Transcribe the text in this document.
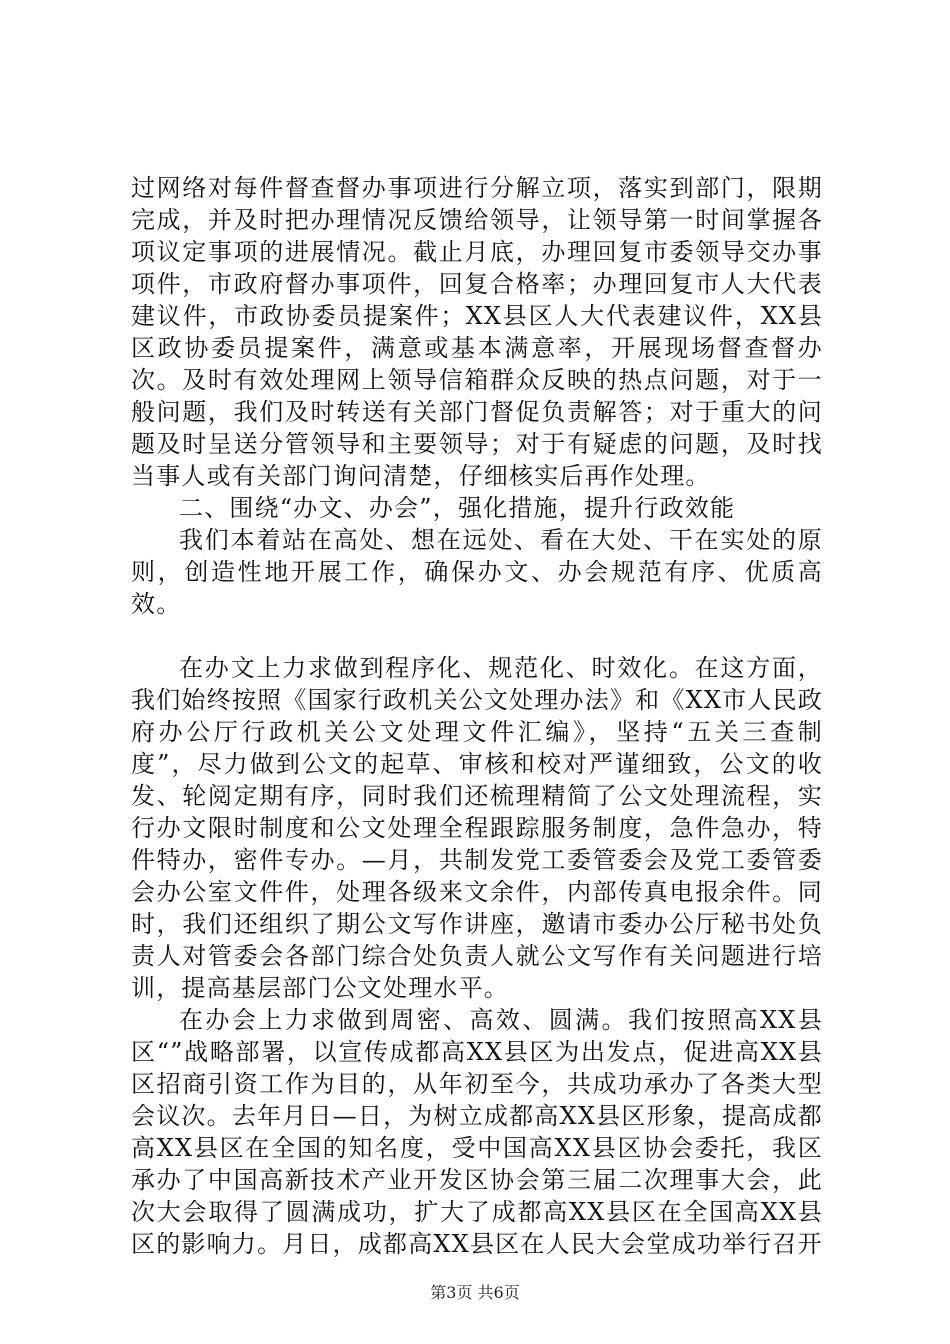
过网络对每件督查督办事项进行分解立项，落实到部门，限期完成，并及时把办理情况反馈给领导，让领导第一时间掌握各项议定事项的进展情况。截止月底，办理回复市委领导交办事项件，市政府督办事项件，回复合格率；办理回复市人大代表建议件，市政协委员提案件；XX县区人大代表建议件，XX县区政协委员提案件，满意或基本满意率，开展现场督查督办次。及时有效处理网上领导信箱群众反映的热点问题，对于一般问题，我们及时转送有关部门督促负责解答；对于重大的问题及时呈送分管领导和主要领导；对于有疑虑的问题，及时找当事人或有关部门询问清楚，仔细核实后再作处理。

二、围绕“办文、办会”，强化措施，提升行政效能

我们本着站在高处、想在远处、看在大处、干在实处的原则，创造性地开展工作，确保办文、办会规范有序、优质高效。

在办文上力求做到程序化、规范化、时效化。在这方面，我们始终按照《国家行政机关公文处理办法》和《XX市人民政府办公厅行政机关公文处理文件汇编》，坚持“五关三查制度”，尽力做到公文的起草、审核和校对严谨细致，公文的收发、轮阅定期有序，同时我们还梳理精简了公文处理流程，实行办文限时制度和公文处理全程跟踪服务制度，急件急办，特件特办，密件专办。—月，共制发党工委管委会及党工委管委会办公室文件件，处理各级来文余件，内部传真电报余件。同时，我们还组织了期公文写作讲座，邀请市委办公厅秘书处负责人对管委会各部门综合处负责人就公文写作有关问题进行培训，提高基层部门公文处理水平。

在办会上力求做到周密、高效、圆满。我们按照高XX县区“”战略部署，以宣传成都高XX县区为出发点，促进高XX县区招商引资工作为目的，从年初至今，共成功承办了各类大型会议次。去年月日—日，为树立成都高XX县区形象，提高成都高XX县区在全国的知名度，受中国高XX县区协会委托，我区承办了中国高新技术产业开发区协会第三届二次理事大会，此次大会取得了圆满成功，扩大了成都高XX县区在全国高XX县区的影响力。月日，成都高XX县区在人民大会堂成功举行召开

第3页 共6页
